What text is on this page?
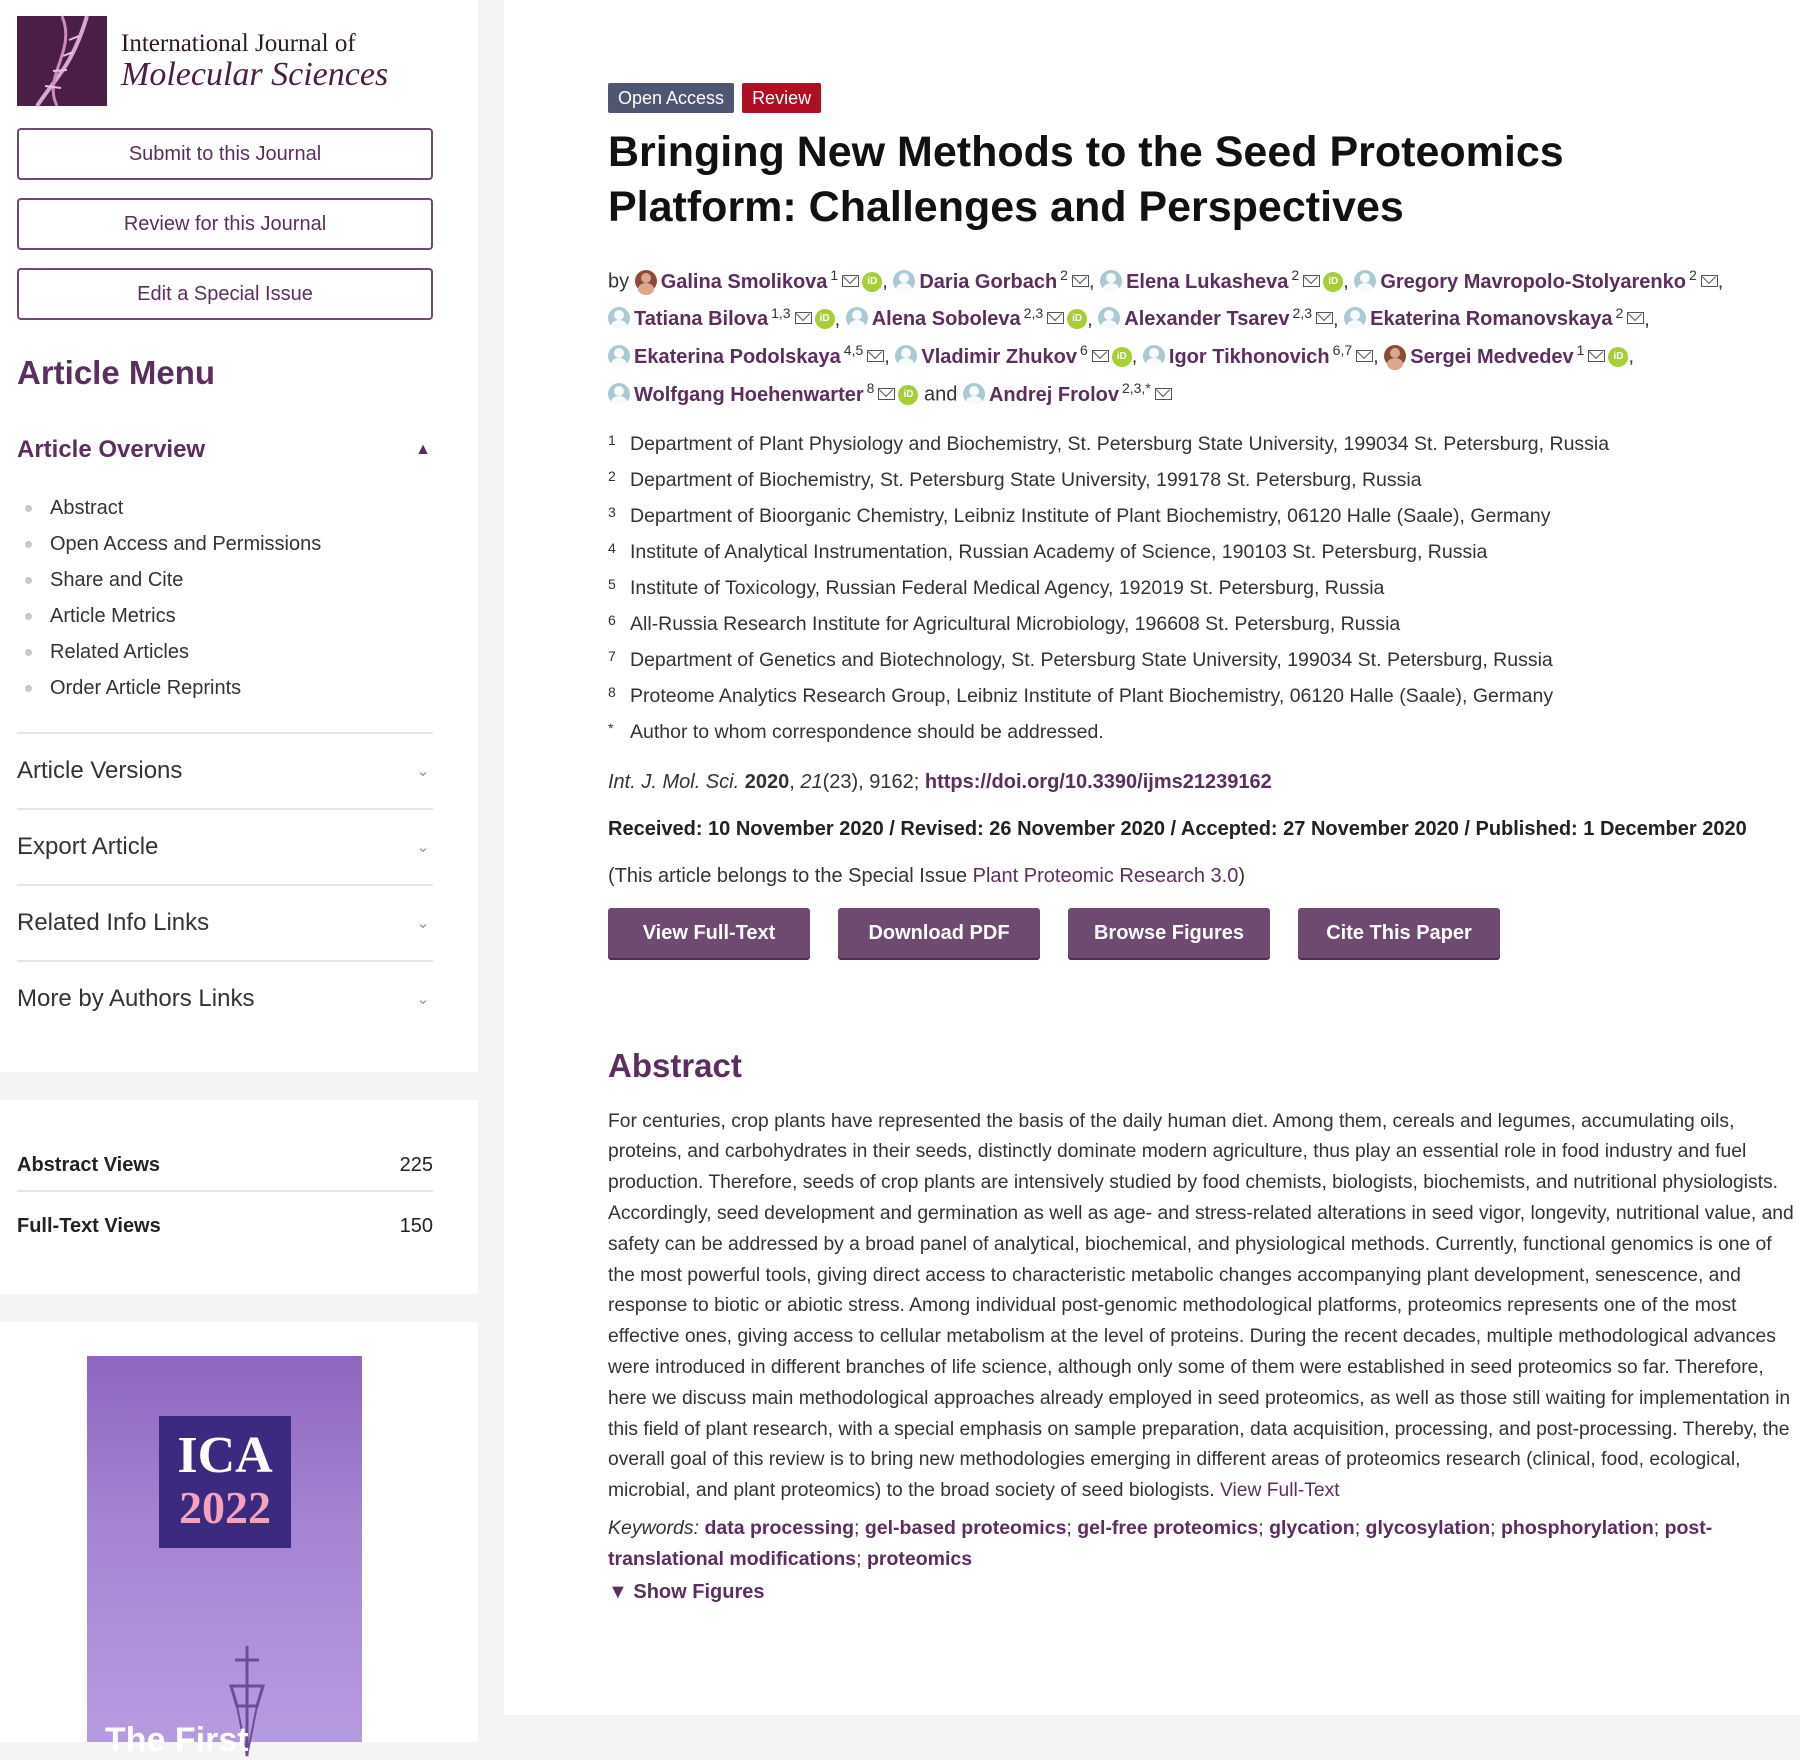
International Journal of
Molecular Sciences
Submit to this Journal
Review for this Journal
Edit a Special Issue
Article Menu
Article Overview	▲
Abstract
Open Access and Permissions
Share and Cite
Article Metrics
Related Articles
Order Article Reprints
Article Versions	⌄
Export Article	⌄
Related Info Links	⌄
More by Authors Links	⌄
Abstract Views	225
Full-Text Views	150
ICA
2022
The First
Open Access	Review
Bringing New Methods to the Seed Proteomics Platform: Challenges and Perspectives
by Galina Smolikova $^1$	iD , Daria Gorbach $^2$ , Elena Lukasheva $^2$	iD , Gregory Mavropolo-Stolyarenko $^2$ , Tatiana Bilova $^{1,3}$	iD , Alena Soboleva $^{2,3}$	iD , Alexander Tsarev $^{2,3}$ , Ekaterina Romanovskaya $^2$ , Ekaterina Podolskaya $^{4,5}$ , Vladimir Zhukov $^6$	iD , Igor Tikhonovich $^{6,7}$ , Sergei Medvedev $^1$	iD , Wolfgang Hoehenwarter $^8$	iD and Andrej Frolov $^{2,3,*}$
1 Department of Plant Physiology and Biochemistry, St. Petersburg State University, 199034 St. Petersburg, Russia
2 Department of Biochemistry, St. Petersburg State University, 199178 St. Petersburg, Russia
3 Department of Bioorganic Chemistry, Leibniz Institute of Plant Biochemistry, 06120 Halle (Saale), Germany
4 Institute of Analytical Instrumentation, Russian Academy of Science, 190103 St. Petersburg, Russia
5 Institute of Toxicology, Russian Federal Medical Agency, 192019 St. Petersburg, Russia
6 All-Russia Research Institute for Agricultural Microbiology, 196608 St. Petersburg, Russia
7 Department of Genetics and Biotechnology, St. Petersburg State University, 199034 St. Petersburg, Russia
8 Proteome Analytics Research Group, Leibniz Institute of Plant Biochemistry, 06120 Halle (Saale), Germany
* Author to whom correspondence should be addressed.
Int. J. Mol. Sci. 2020, 21(23), 9162; https://doi.org/10.3390/ijms21239162
Received: 10 November 2020 / Revised: 26 November 2020 / Accepted: 27 November 2020 / Published: 1 December 2020
(This article belongs to the Special Issue Plant Proteomic Research 3.0)
View Full-Text	Download PDF	Browse Figures	Cite This Paper
Abstract
For centuries, crop plants have represented the basis of the daily human diet. Among them, cereals and legumes, accumulating oils, proteins, and carbohydrates in their seeds, distinctly dominate modern agriculture, thus play an essential role in food industry and fuel production. Therefore, seeds of crop plants are intensively studied by food chemists, biologists, biochemists, and nutritional physiologists. Accordingly, seed development and germination as well as age- and stress-related alterations in seed vigor, longevity, nutritional value, and safety can be addressed by a broad panel of analytical, biochemical, and physiological methods. Currently, functional genomics is one of the most powerful tools, giving direct access to characteristic metabolic changes accompanying plant development, senescence, and response to biotic or abiotic stress. Among individual post-genomic methodological platforms, proteomics represents one of the most effective ones, giving access to cellular metabolism at the level of proteins. During the recent decades, multiple methodological advances were introduced in different branches of life science, although only some of them were established in seed proteomics so far. Therefore, here we discuss main methodological approaches already employed in seed proteomics, as well as those still waiting for implementation in this field of plant research, with a special emphasis on sample preparation, data acquisition, processing, and post-processing. Thereby, the overall goal of this review is to bring new methodologies emerging in different areas of proteomics research (clinical, food, ecological, microbial, and plant proteomics) to the broad society of seed biologists. View Full-Text
Keywords: data processing; gel-based proteomics; gel-free proteomics; glycation; glycosylation; phosphorylation; post-translational modifications; proteomics
▼ Show Figures
